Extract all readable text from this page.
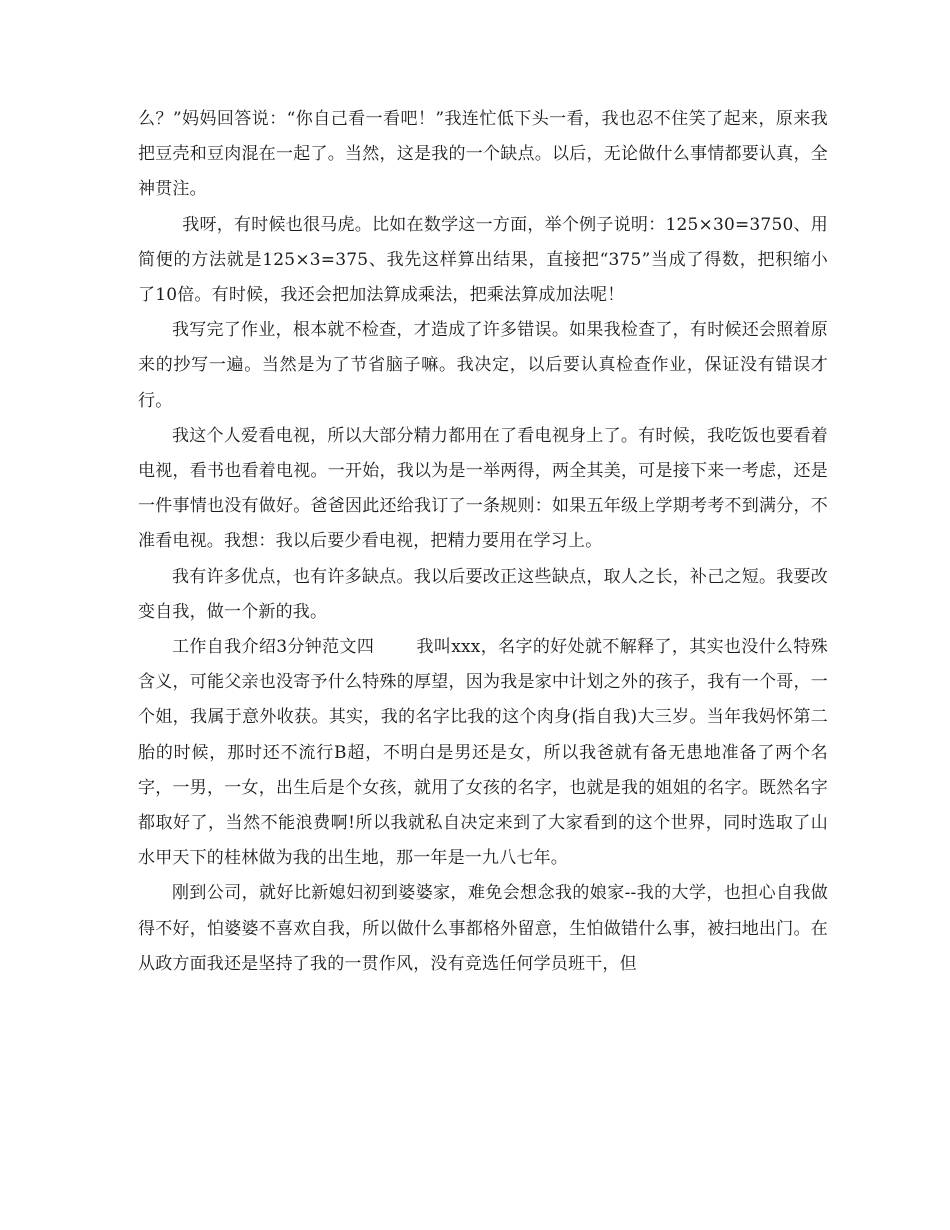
么？”妈妈回答说：“你自己看一看吧！”我连忙低下头一看，我也忍不住笑了起来，原来我把豆壳和豆肉混在一起了。当然，这是我的一个缺点。以后，无论做什么事情都要认真，全神贯注。

我呀，有时候也很马虎。比如在数学这一方面，举个例子说明：125×30=3750、用简便的方法就是125×3=375、我先这样算出结果，直接把“375”当成了得数，把积缩小了10倍。有时候，我还会把加法算成乘法，把乘法算成加法呢！

我写完了作业，根本就不检查，才造成了许多错误。如果我检查了，有时候还会照着原来的抄写一遍。当然是为了节省脑子嘛。我决定，以后要认真检查作业，保证没有错误才行。

我这个人爱看电视，所以大部分精力都用在了看电视身上了。有时候，我吃饭也要看着电视，看书也看着电视。一开始，我以为是一举两得，两全其美，可是接下来一考虑，还是一件事情也没有做好。爸爸因此还给我订了一条规则：如果五年级上学期考考不到满分，不准看电视。我想：我以后要少看电视，把精力要用在学习上。

我有许多优点，也有许多缺点。我以后要改正这些缺点，取人之长，补己之短。我要改变自我，做一个新的我。

工作自我介绍3分钟范文四 我叫xxx，名字的好处就不解释了，其实也没什么特殊含义，可能父亲也没寄予什么特殊的厚望，因为我是家中计划之外的孩子，我有一个哥，一个姐，我属于意外收获。其实，我的名字比我的这个肉身(指自我)大三岁。当年我妈怀第二胎的时候，那时还不流行B超，不明白是男还是女，所以我爸就有备无患地准备了两个名字，一男，一女，出生后是个女孩，就用了女孩的名字，也就是我的姐姐的名字。既然名字都取好了，当然不能浪费啊!所以我就私自决定来到了大家看到的这个世界，同时选取了山水甲天下的桂林做为我的出生地，那一年是一九八七年。

刚到公司，就好比新媳妇初到婆婆家，难免会想念我的娘家--我的大学，也担心自我做得不好，怕婆婆不喜欢自我，所以做什么事都格外留意，生怕做错什么事，被扫地出门。在从政方面我还是坚持了我的一贯作风，没有竞选任何学员班干，但
